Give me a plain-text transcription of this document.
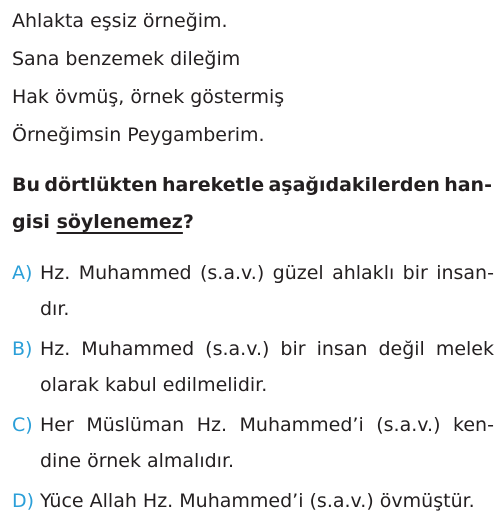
Ahlakta eşsiz örneğim.
Sana benzemek dileğim
Hak övmüş, örnek göstermiş
Örneğimsin Peygamberim.
Bu dörtlükten hareketle aşağıdakilerden han-
gisi söylenemez?
A) Hz. Muhammed (s.a.v.) güzel ahlaklı bir insan-
dır.
B) Hz. Muhammed (s.a.v.) bir insan değil melek
olarak kabul edilmelidir.
C) Her Müslüman Hz. Muhammed’i (s.a.v.) ken-
dine örnek almalıdır.
D) Yüce Allah Hz. Muhammed’i (s.a.v.) övmüştür.
